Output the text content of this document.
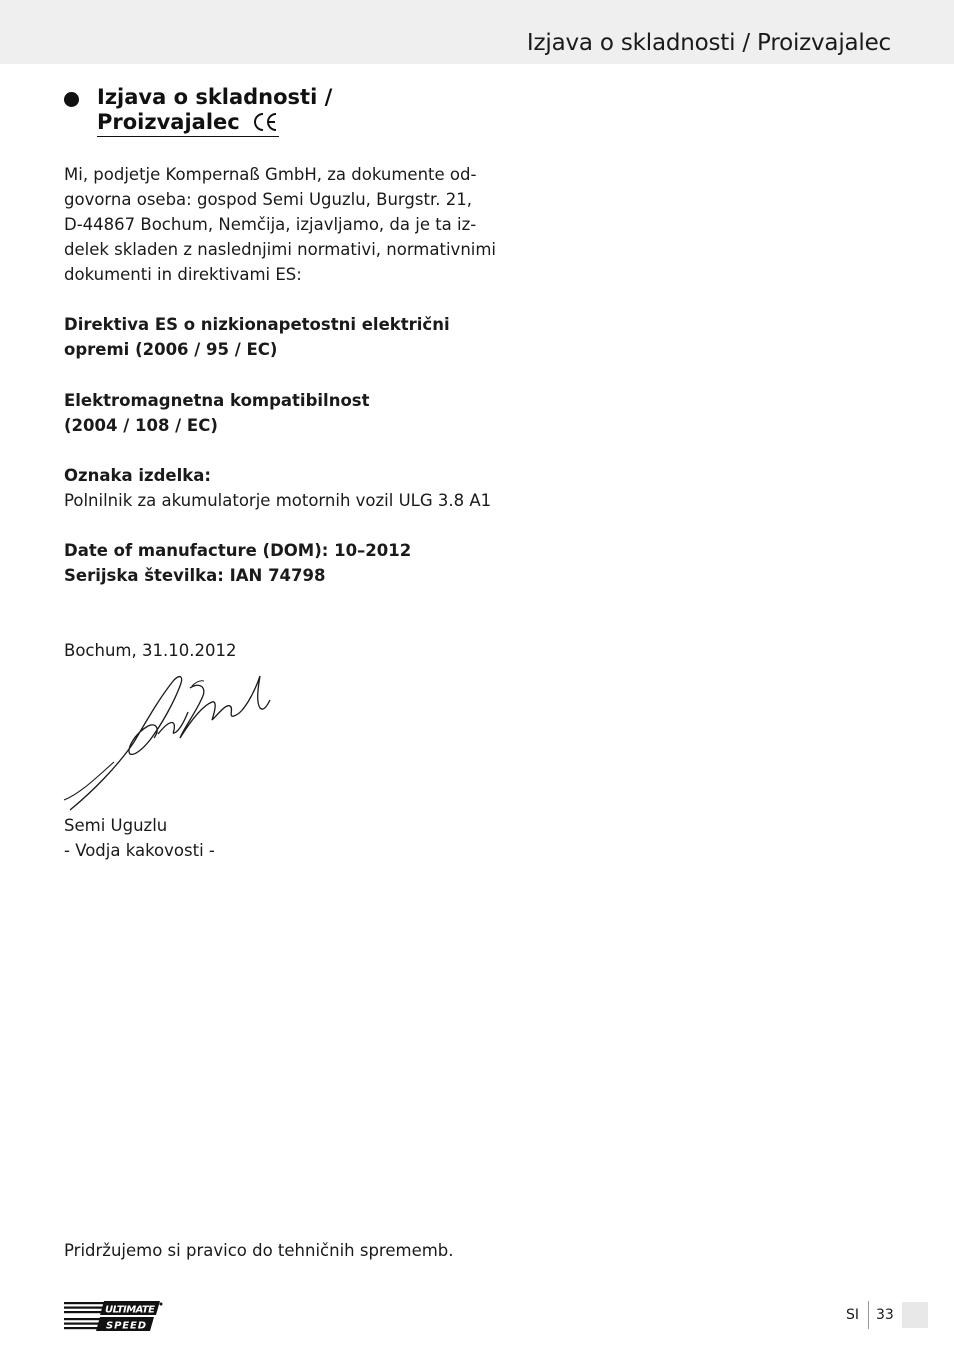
Izjava o skladnosti / Proizvajalec
Izjava o skladnosti /
Proizvajalec
Mi, podjetje Kompernaß GmbH, za dokumente od-
govorna oseba: gospod Semi Uguzlu, Burgstr. 21,
D-44867 Bochum, Nemčija, izjavljamo, da je ta iz-
delek skladen z naslednjimi normativi, normativnimi
dokumenti in direktivami ES:
Direktiva ES o nizkionapetostni električni
opremi (2006 / 95 / EC)
Elektromagnetna kompatibilnost
(2004 / 108 / EC)
Oznaka izdelka:
Polnilnik za akumulatorje motornih vozil ULG 3.8 A1
Date of manufacture (DOM): 10–2012
Serijska številka: IAN 74798
Bochum, 31.10.2012
Semi Uguzlu
- Vodja kakovosti -
Pridržujemo si pravico do tehničnih sprememb.
ULTIMATE
SPEED
SI 33
